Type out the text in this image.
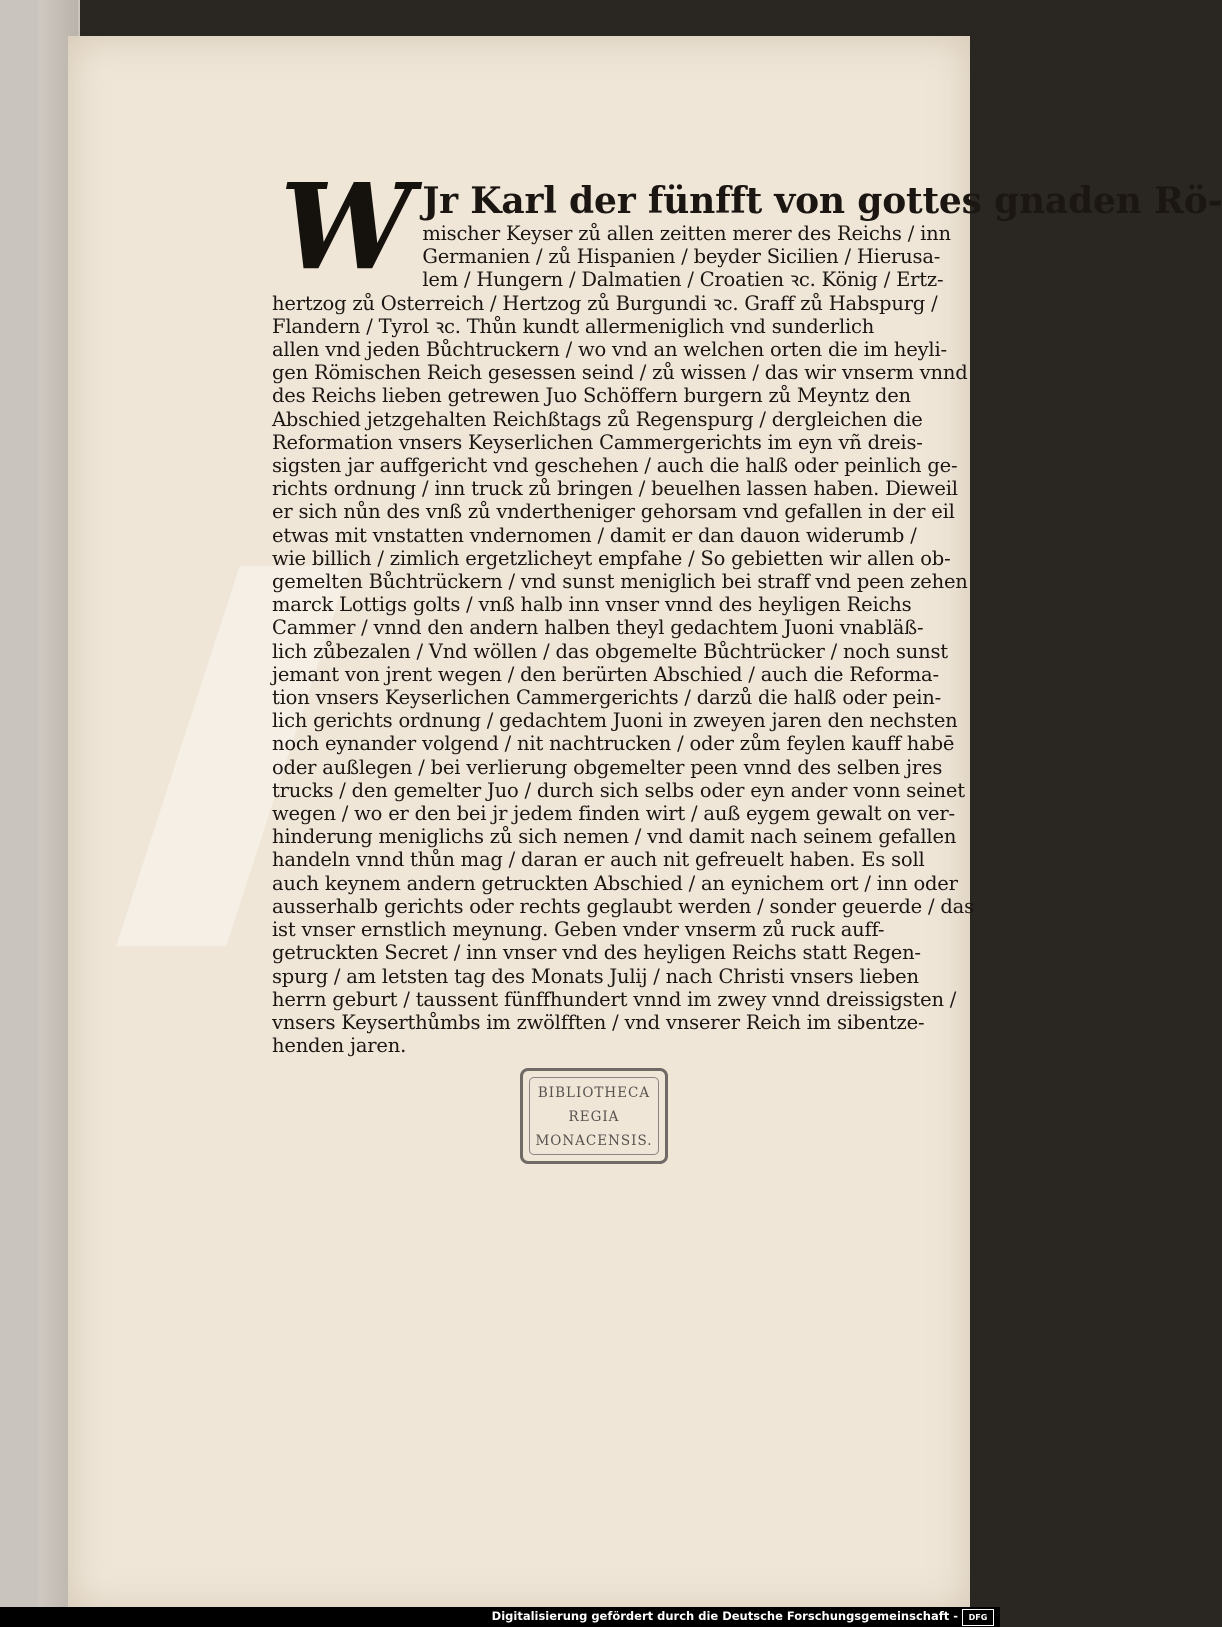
W Jr Karl der fünfft von gottes gnaden Rö-
mischer Keyser zů allen zeitten merer des Reichs / inn
Germanien / zů Hispanien / beyder Sicilien / Hierusa-
lem / Hungern / Dalmatien / Croatien ꝛc. König / Ertz-
hertzog zů Osterreich / Hertzog zů Burgundi ꝛc. Graff zů Habspurg /
Flandern / Tyrol ꝛc. Thůn kundt allermeniglich vnd sunderlich
allen vnd jeden Bůchtruckern / wo vnd an welchen orten die im heyli-
gen Römischen Reich gesessen seind / zů wissen / das wir vnserm vnnd
des Reichs lieben getrewen Juo Schöffern burgern zů Meyntz den
Abschied jetzgehalten Reichßtags zů Regenspurg / dergleichen die
Reformation vnsers Keyserlichen Cammergerichts im eyn vñ dreis-
sigsten jar auffgericht vnd geschehen / auch die halß oder peinlich ge-
richts ordnung / inn truck zů bringen / beuelhen lassen haben. Dieweil
er sich nůn des vnß zů vndertheniger gehorsam vnd gefallen in der eil
etwas mit vnstatten vndernomen / damit er dan dauon widerumb /
wie billich / zimlich ergetzlicheyt empfahe / So gebietten wir allen ob-
gemelten Bůchtrückern / vnd sunst meniglich bei straff vnd peen zehen
marck Lottigs golts / vnß halb inn vnser vnnd des heyligen Reichs
Cammer / vnnd den andern halben theyl gedachtem Juoni vnabläß-
lich zůbezalen / Vnd wöllen / das obgemelte Bůchtrücker / noch sunst
jemant von jrent wegen / den berürten Abschied / auch die Reforma-
tion vnsers Keyserlichen Cammergerichts / darzů die halß oder pein-
lich gerichts ordnung / gedachtem Juoni in zweyen jaren den nechsten
noch eynander volgend / nit nachtrucken / oder zům feylen kauff habē
oder außlegen / bei verlierung obgemelter peen vnnd des selben jres
trucks / den gemelter Juo / durch sich selbs oder eyn ander vonn seinet
wegen / wo er den bei jr jedem finden wirt / auß eygem gewalt on ver-
hinderung meniglichs zů sich nemen / vnd damit nach seinem gefallen
handeln vnnd thůn mag / daran er auch nit gefreuelt haben. Es soll
auch keynem andern getruckten Abschied / an eynichem ort / inn oder
ausserhalb gerichts oder rechts geglaubt werden / sonder geuerde / das
ist vnser ernstlich meynung. Geben vnder vnserm zů ruck auff-
getruckten Secret / inn vnser vnd des heyligen Reichs statt Regen-
spurg / am letsten tag des Monats Julij / nach Christi vnsers lieben
herrn geburt / taussent fünffhundert vnnd im zwey vnnd dreissigsten /
vnsers Keyserthůmbs im zwölfften / vnd vnserer Reich im sibentze-
henden jaren.
BIBLIOTHECA
REGIA
MONACENSIS.
Digitalisierung gefördert durch die Deutsche Forschungsgemeinschaft -	DFG
